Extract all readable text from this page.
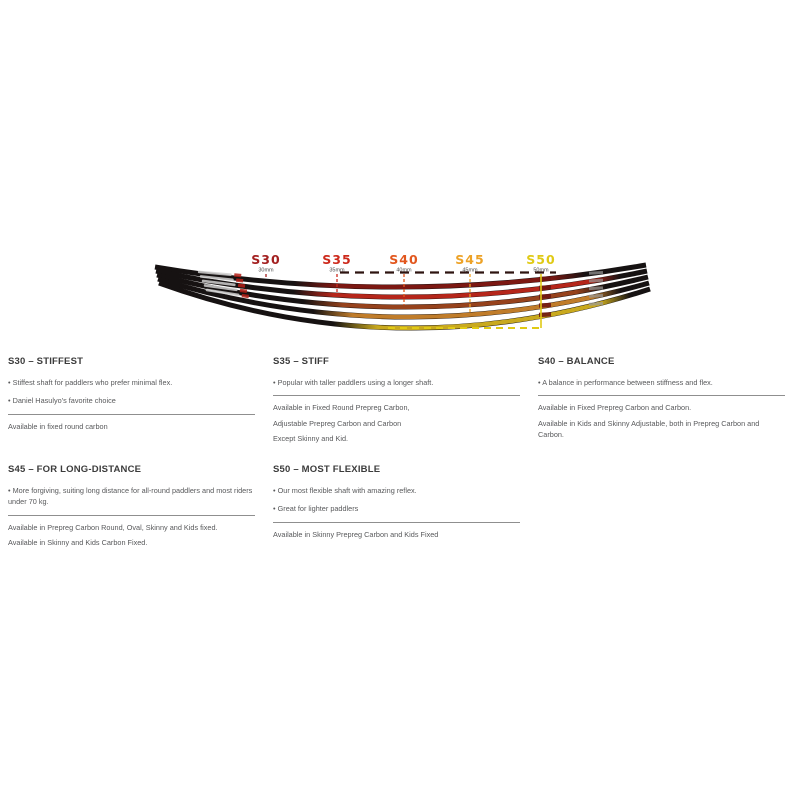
S30	S35	S40	S45	S50
30mm	35mm	40mm	45mm	50mm
S30 – STIFFEST

• Stiffest shaft for paddlers who prefer minimal flex.

• Daniel Hasulyo's favorite choice

Available in fixed round carbon

S35 – STIFF

• Popular with taller paddlers using a longer shaft.

Available in Fixed Round Prepreg Carbon,

Adjustable Prepreg Carbon and Carbon

Except Skinny and Kid.

S40 – BALANCE

• A balance in performance between stiffness and flex.

Available in Fixed Prepreg Carbon and Carbon.

Available in Kids and Skinny Adjustable, both in Prepreg Carbon and Carbon.

S45 – FOR LONG-DISTANCE

• More forgiving, suiting long distance for all-round paddlers and most riders under 70 kg.

Available in Prepreg Carbon Round, Oval, Skinny and Kids fixed.

Available in Skinny and Kids Carbon Fixed.

S50 – MOST FLEXIBLE

• Our most flexible shaft with amazing reflex.

• Great for lighter paddlers

Available in Skinny Prepreg Carbon and Kids Fixed
